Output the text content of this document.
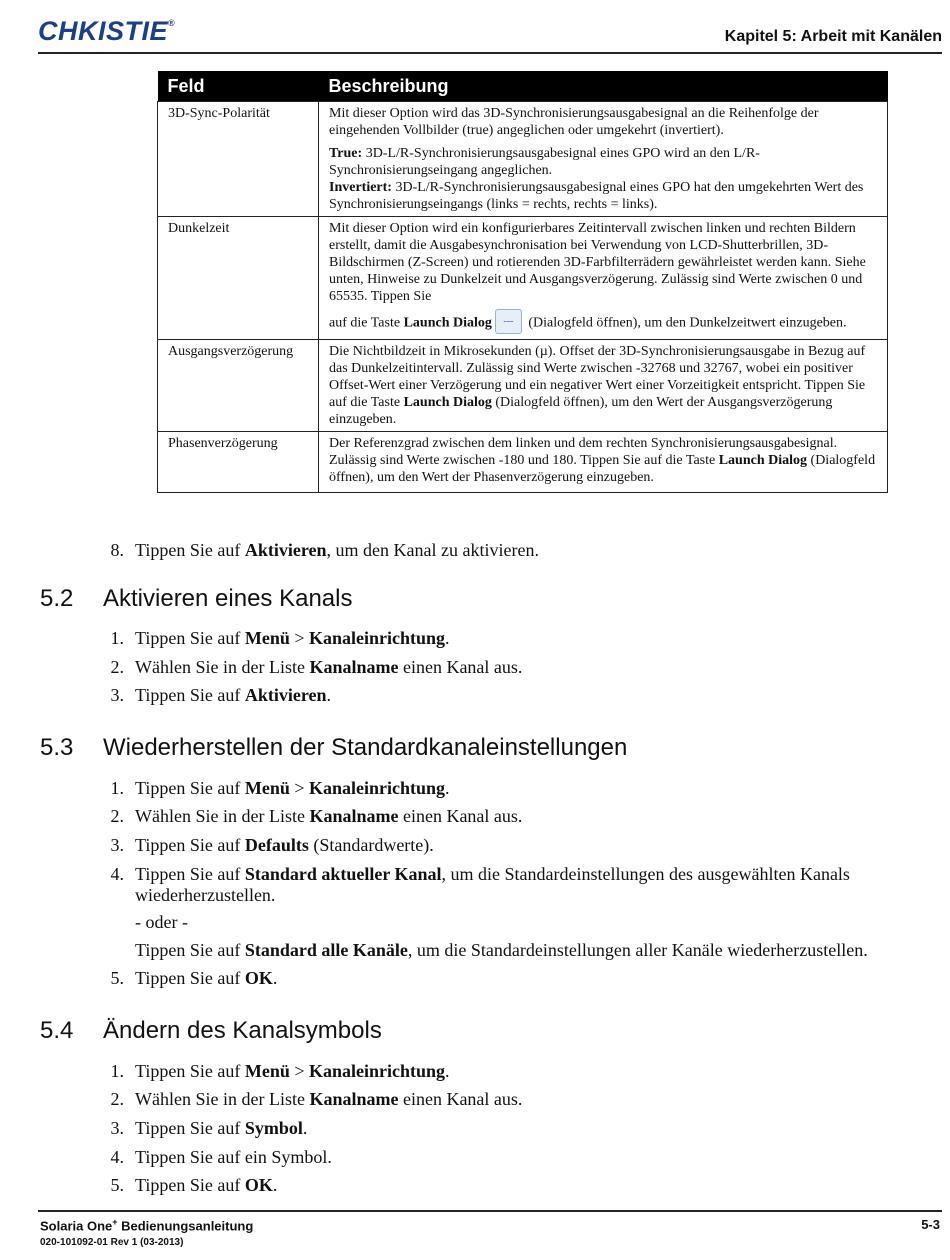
CHKISTIE®
Kapitel 5: Arbeit mit Kanälen
Feld	Beschreibung
3D-Sync-Polarität	Mit dieser Option wird das 3D-Synchronisierungsausgabesignal an die Reihenfolge der eingehenden Vollbilder (true) angeglichen oder umgekehrt (invertiert).
True: 3D-L/R-Synchronisierungsausgabesignal eines GPO wird an den L/R-Synchronisierungseingang angeglichen.
Invertiert: 3D-L/R-Synchronisierungsausgabesignal eines GPO hat den umgekehrten Wert des Synchronisierungseingangs (links = rechts, rechts = links).

Dunkelzeit	Mit dieser Option wird ein konfigurierbares Zeitintervall zwischen linken und rechten Bildern erstellt, damit die Ausgabesynchronisation bei Verwendung von LCD-Shutterbrillen, 3D-Bildschirmen (Z-Screen) und rotierenden 3D-Farbfilterrädern gewährleistet werden kann. Siehe unten, Hinweise zu Dunkelzeit und Ausgangsverzögerung. Zulässig sind Werte zwischen 0 und 65535. Tippen Sie
auf die Taste Launch Dialog --- (Dialogfeld öffnen), um den Dunkelzeitwert einzugeben.

Ausgangsverzögerung	Die Nichtbildzeit in Mikrosekunden (µ). Offset der 3D-Synchronisierungsausgabe in Bezug auf das Dunkelzeitintervall. Zulässig sind Werte zwischen -32768 und 32767, wobei ein positiver Offset-Wert einer Verzögerung und ein negativer Wert einer Vorzeitigkeit entspricht. Tippen Sie auf die Taste Launch Dialog (Dialogfeld öffnen), um den Wert der Ausgangsverzögerung einzugeben.
Phasenverzögerung	Der Referenzgrad zwischen dem linken und dem rechten Synchronisierungsausgabesignal. Zulässig sind Werte zwischen -180 und 180. Tippen Sie auf die Taste Launch Dialog (Dialogfeld öffnen), um den Wert der Phasenverzögerung einzugeben.
8. Tippen Sie auf Aktivieren, um den Kanal zu aktivieren.
5.2 Aktivieren eines Kanals
1. Tippen Sie auf Menü > Kanaleinrichtung.
2. Wählen Sie in der Liste Kanalname einen Kanal aus.
3. Tippen Sie auf Aktivieren.
5.3 Wiederherstellen der Standardkanaleinstellungen
1. Tippen Sie auf Menü > Kanaleinrichtung.
2. Wählen Sie in der Liste Kanalname einen Kanal aus.
3. Tippen Sie auf Defaults (Standardwerte).
4. Tippen Sie auf Standard aktueller Kanal, um die Standardeinstellungen des ausgewählten Kanals
wiederherzustellen.
- oder -
Tippen Sie auf Standard alle Kanäle, um die Standardeinstellungen aller Kanäle wiederherzustellen.
5. Tippen Sie auf OK.
5.4 Ändern des Kanalsymbols
1. Tippen Sie auf Menü > Kanaleinrichtung.
2. Wählen Sie in der Liste Kanalname einen Kanal aus.
3. Tippen Sie auf Symbol.
4. Tippen Sie auf ein Symbol.
5. Tippen Sie auf OK.
Solaria One+ Bedienungsanleitung
020-101092-01 Rev 1 (03-2013)
5-3
